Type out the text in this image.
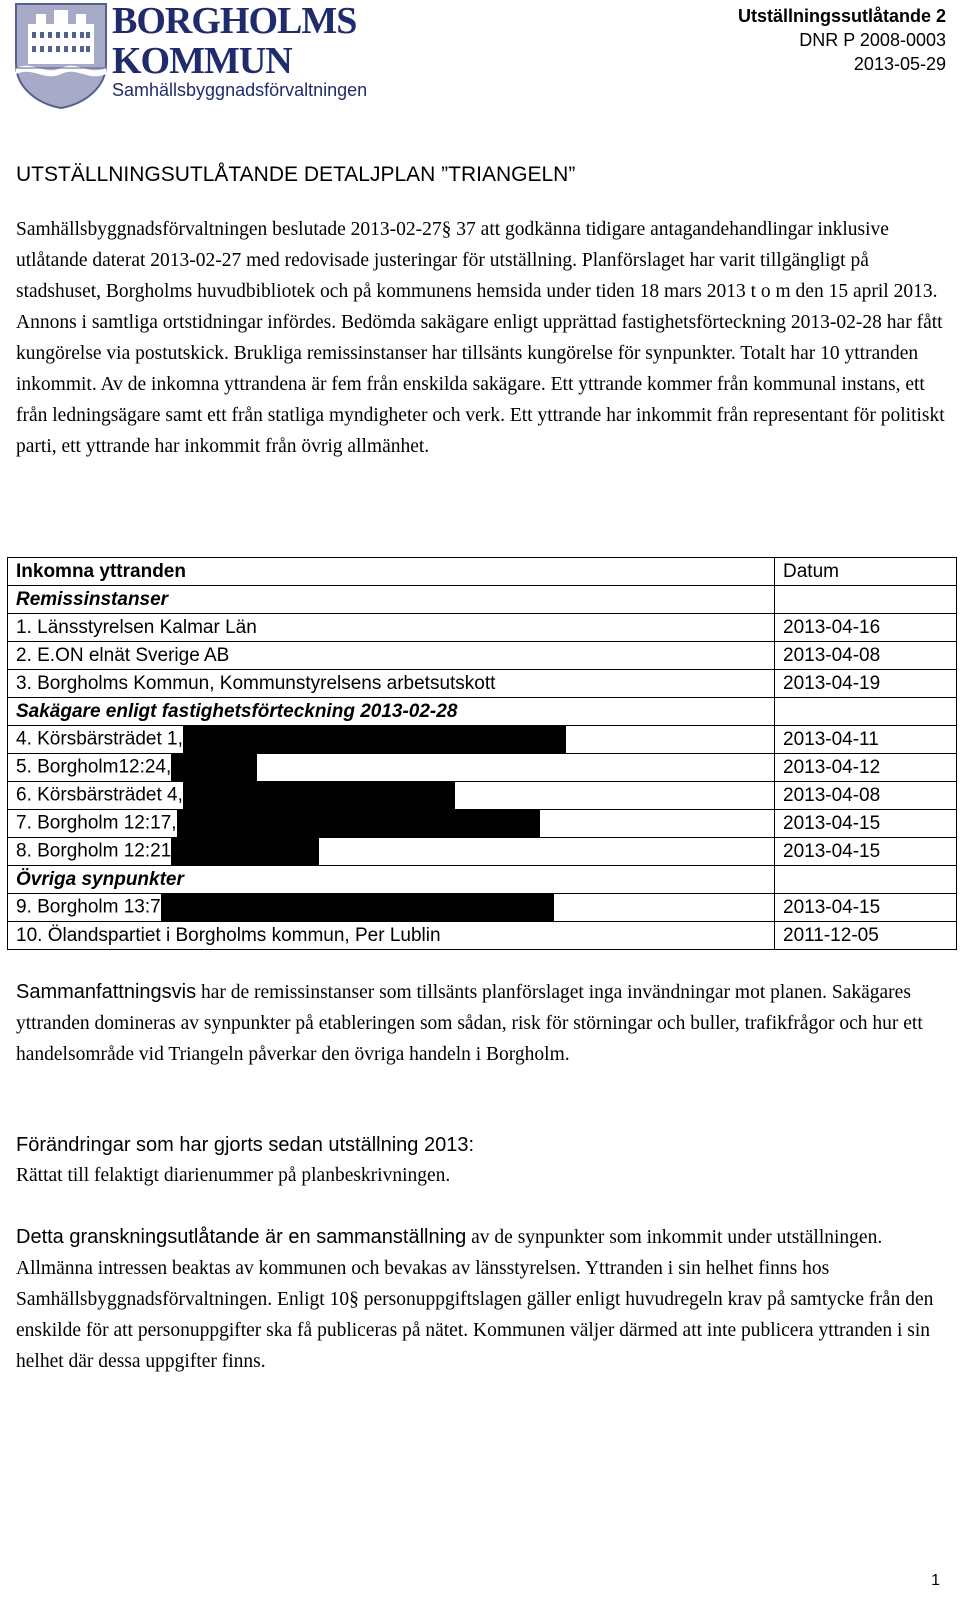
BORGHOLMS
KOMMUN
Samhällsbyggnadsförvaltningen
Utställningssutlåtande 2
DNR P 2008-0003
2013-05-29
UTSTÄLLNINGSUTLÅTANDE DETALJPLAN ”TRIANGELN”

Samhällsbyggnadsförvaltningen beslutade 2013-02-27§ 37 att godkänna tidigare antagandehandlingar inklusive utlåtande daterat 2013-02-27 med redovisade justeringar för utställning. Planförslaget har varit tillgängligt på stadshuset, Borgholms huvudbibliotek och på kommunens hemsida under tiden 18 mars 2013 t o m den 15 april 2013. Annons i samtliga ortstidningar infördes. Bedömda sakägare enligt upprättad fastighetsförteckning 2013-02-28 har fått kungörelse via postutskick. Brukliga remissinstanser har tillsänts kungörelse för synpunkter. Totalt har 10 yttranden inkommit. Av de inkomna yttrandena är fem från enskilda sakägare. Ett yttrande kommer från kommunal instans, ett från ledningsägare samt ett från statliga myndigheter och verk. Ett yttrande har inkommit från representant för politiskt parti, ett yttrande har inkommit från övrig allmänhet.

Inkomna yttranden	Datum
Remissinstanser	
1. Länsstyrelsen Kalmar Län	2013-04-16
2. E.ON elnät Sverige AB	2013-04-08
3. Borgholms Kommun, Kommunstyrelsens arbetsutskott	2013-04-19
Sakägare enligt fastighetsförteckning 2013-02-28	
4. Körsbärsträdet 1,	2013-04-11
5. Borgholm12:24,	2013-04-12
6. Körsbärsträdet 4,	2013-04-08
7. Borgholm 12:17,	2013-04-15
8. Borgholm 12:21	2013-04-15
Övriga synpunkter	
9. Borgholm 13:7	2013-04-15
10. Ölandspartiet i Borgholms kommun, Per Lublin	2011-12-05

Sammanfattningsvis har de remissinstanser som tillsänts planförslaget inga invändningar mot planen. Sakägares yttranden domineras av synpunkter på etableringen som sådan, risk för störningar och buller, trafikfrågor och hur ett handelsområde vid Triangeln påverkar den övriga handeln i Borgholm.

Förändringar som har gjorts sedan utställning 2013:

Rättat till felaktigt diarienummer på planbeskrivningen.

Detta granskningsutlåtande är en sammanställning av de synpunkter som inkommit under utställningen. Allmänna intressen beaktas av kommunen och bevakas av länsstyrelsen. Yttranden i sin helhet finns hos Samhällsbyggnadsförvaltningen. Enligt 10§ personuppgiftslagen gäller enligt huvudregeln krav på samtycke från den enskilde för att personuppgifter ska få publiceras på nätet. Kommunen väljer därmed att inte publicera yttranden i sin helhet där dessa uppgifter finns.

1
